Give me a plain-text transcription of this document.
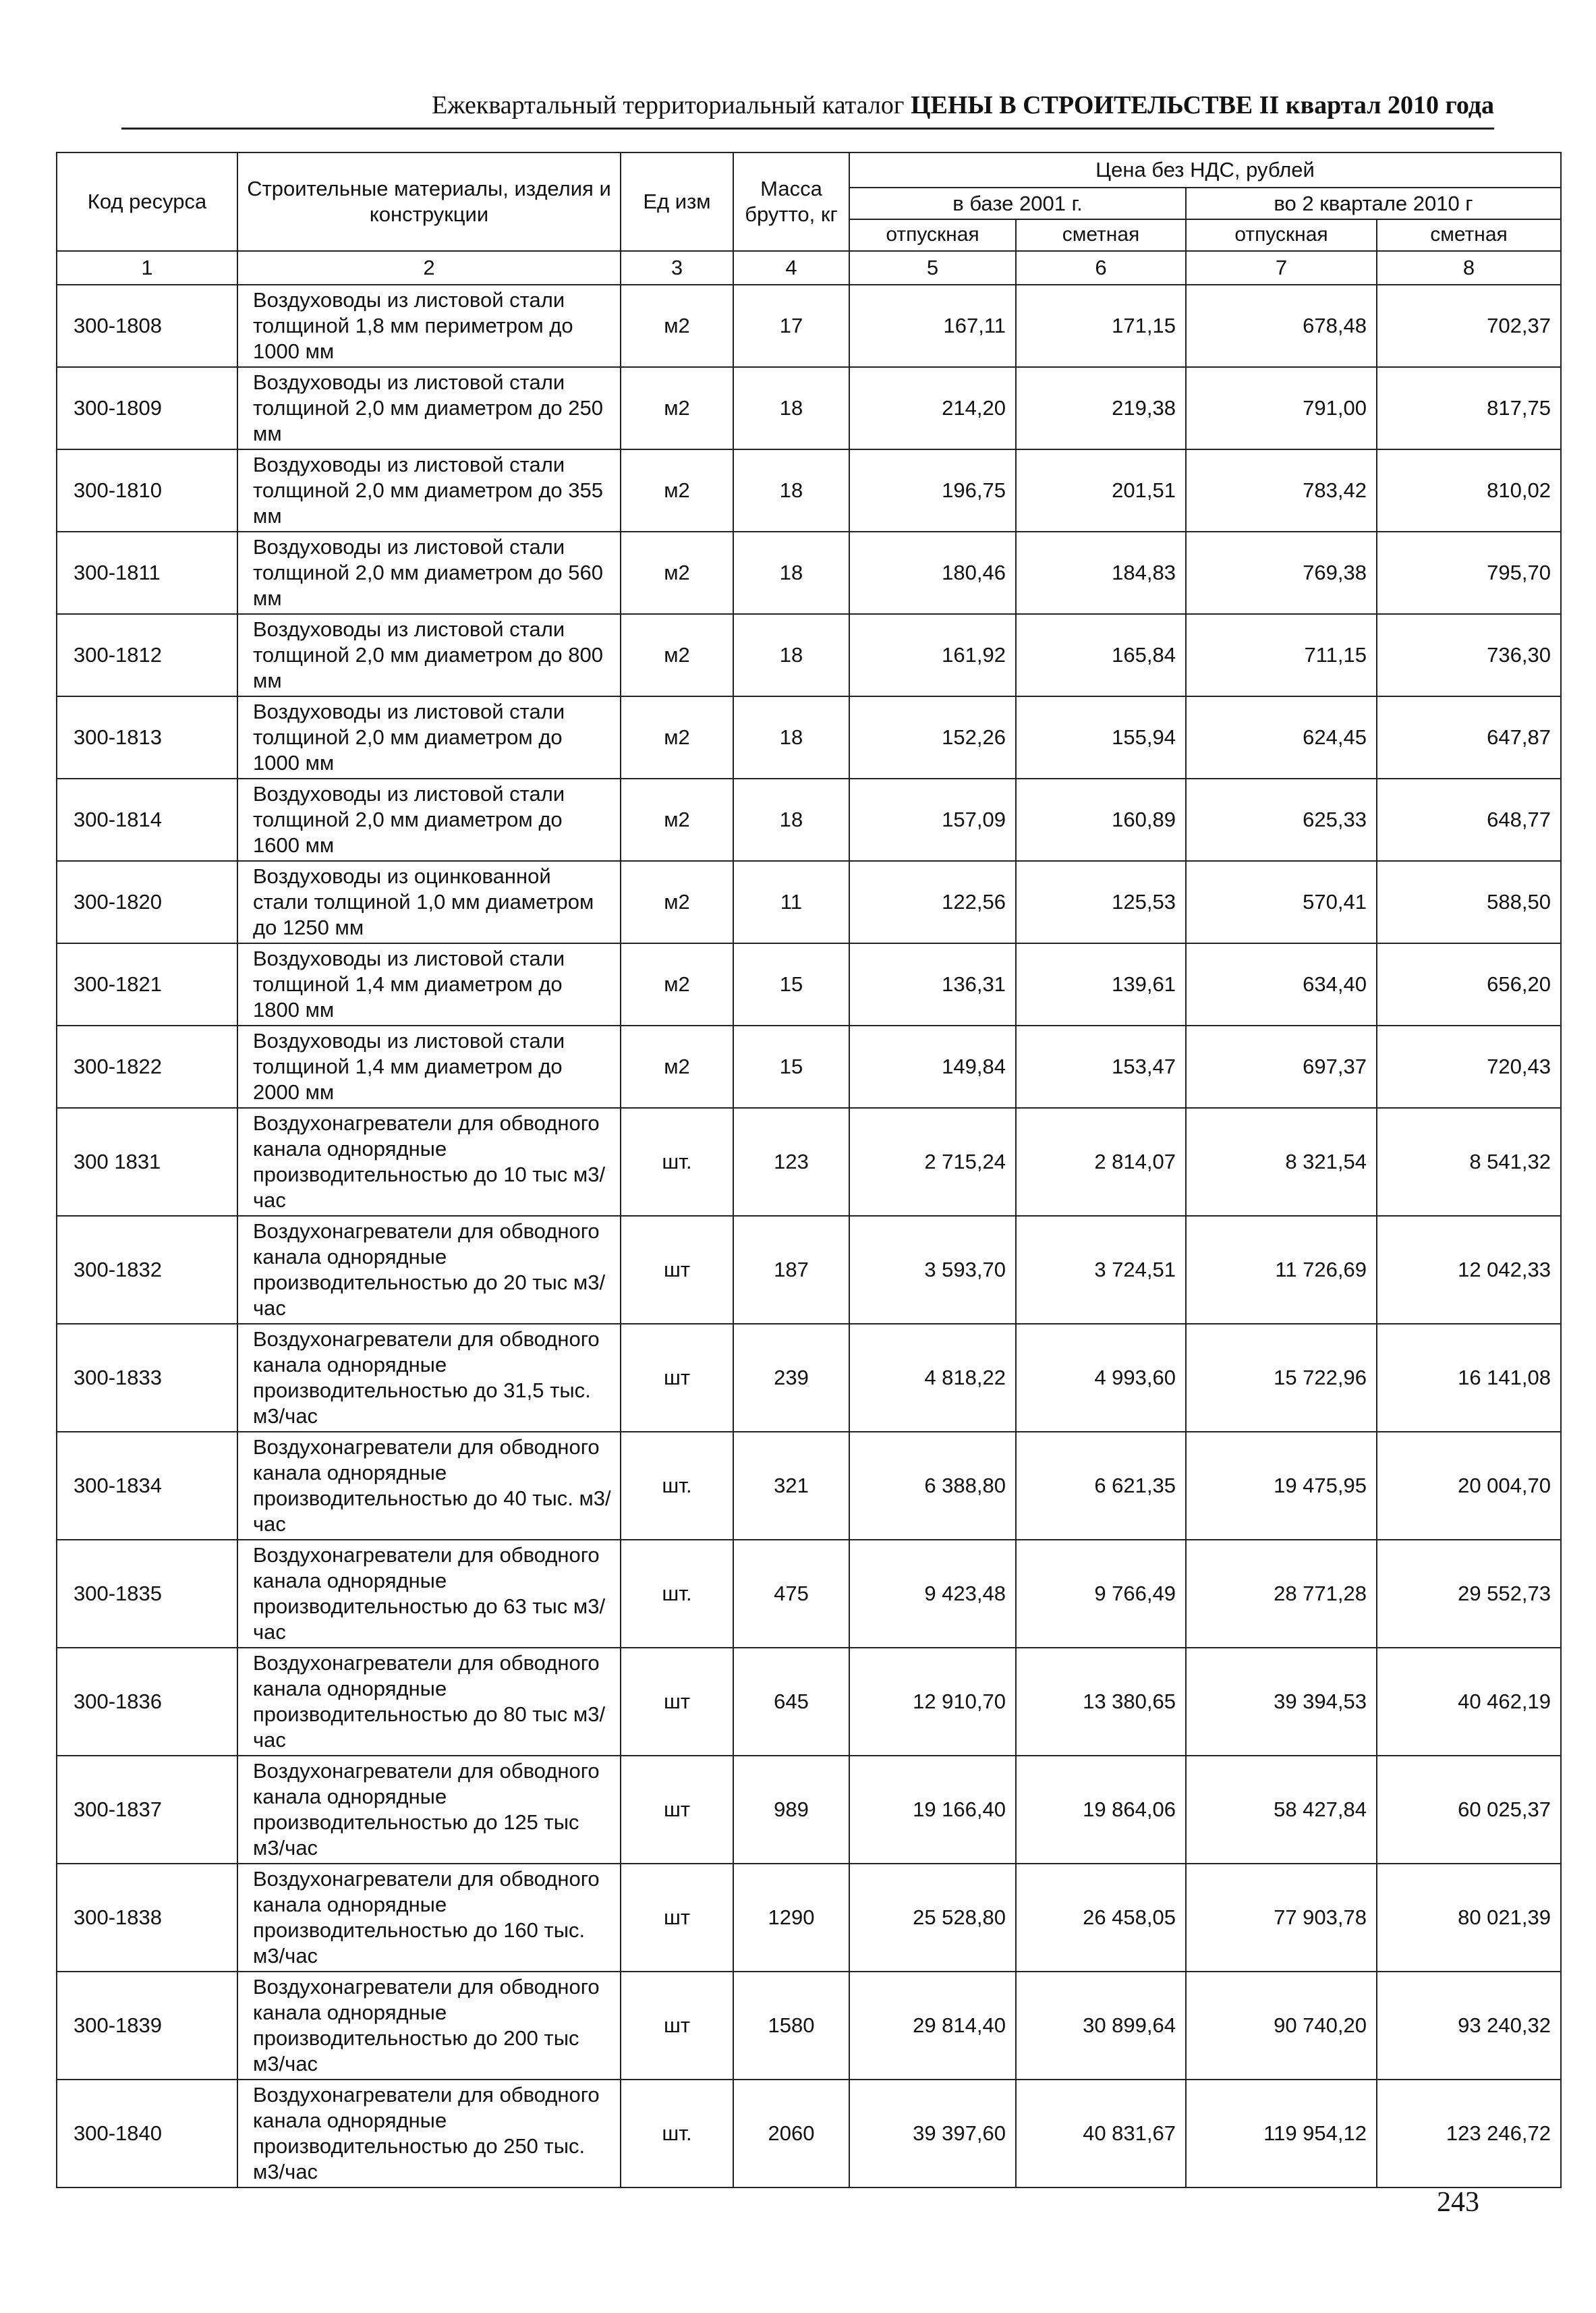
Ежеквартальный территориальный каталог ЦЕНЫ В СТРОИТЕЛЬСТВЕ II квартал 2010 года
Код ресурса	Строительные материалы, изделия и конструкции	Ед изм	Масса брутто, кг	Цена без НДС, рублей			
				в базе 2001 г.		во 2 квартале 2010 г	
				отпускная	сметная	отпускная	сметная
1	2	3	4	5	6	7	8
300-1808	Воздуховоды из листовой стали толщиной 1,8 мм периметром до 1000 мм	м2	17	167,11	171,15	678,48	702,37
300-1809	Воздуховоды из листовой стали толщиной 2,0 мм диаметром до 250 мм	м2	18	214,20	219,38	791,00	817,75
300-1810	Воздуховоды из листовой стали толщиной 2,0 мм диаметром до 355 мм	м2	18	196,75	201,51	783,42	810,02
300-1811	Воздуховоды из листовой стали толщиной 2,0 мм диаметром до 560 мм	м2	18	180,46	184,83	769,38	795,70
300-1812	Воздуховоды из листовой стали толщиной 2,0 мм диаметром до 800 мм	м2	18	161,92	165,84	711,15	736,30
300-1813	Воздуховоды из листовой стали толщиной 2,0 мм диаметром до 1000 мм	м2	18	152,26	155,94	624,45	647,87
300-1814	Воздуховоды из листовой стали толщиной 2,0 мм диаметром до 1600 мм	м2	18	157,09	160,89	625,33	648,77
300-1820	Воздуховоды из оцинкованной стали толщиной 1,0 мм диаметром до 1250 мм	м2	11	122,56	125,53	570,41	588,50
300-1821	Воздуховоды из листовой стали толщиной 1,4 мм диаметром до 1800 мм	м2	15	136,31	139,61	634,40	656,20
300-1822	Воздуховоды из листовой стали толщиной 1,4 мм диаметром до 2000 мм	м2	15	149,84	153,47	697,37	720,43
300 1831	Воздухонагреватели для обводного канала однорядные производительностью до 10 тыс м3/час	шт.	123	2 715,24	2 814,07	8 321,54	8 541,32
300-1832	Воздухонагреватели для обводного канала однорядные производительностью до 20 тыс м3/час	шт	187	3 593,70	3 724,51	11 726,69	12 042,33
300-1833	Воздухонагреватели для обводного канала однорядные производительностью до 31,5 тыс. м3/час	шт	239	4 818,22	4 993,60	15 722,96	16 141,08
300-1834	Воздухонагреватели для обводного канала однорядные производительностью до 40 тыс. м3/час	шт.	321	6 388,80	6 621,35	19 475,95	20 004,70
300-1835	Воздухонагреватели для обводного канала однорядные производительностью до 63 тыс м3/час	шт.	475	9 423,48	9 766,49	28 771,28	29 552,73
300-1836	Воздухонагреватели для обводного канала однорядные производительностью до 80 тыс м3/час	шт	645	12 910,70	13 380,65	39 394,53	40 462,19
300-1837	Воздухонагреватели для обводного канала однорядные производительностью до 125 тыс м3/час	шт	989	19 166,40	19 864,06	58 427,84	60 025,37
300-1838	Воздухонагреватели для обводного канала однорядные производительностью до 160 тыс. м3/час	шт	1290	25 528,80	26 458,05	77 903,78	80 021,39
300-1839	Воздухонагреватели для обводного канала однорядные производительностью до 200 тыс м3/час	шт	1580	29 814,40	30 899,64	90 740,20	93 240,32
300-1840	Воздухонагреватели для обводного канала однорядные производительностью до 250 тыс. м3/час	шт.	2060	39 397,60	40 831,67	119 954,12	123 246,72
243
